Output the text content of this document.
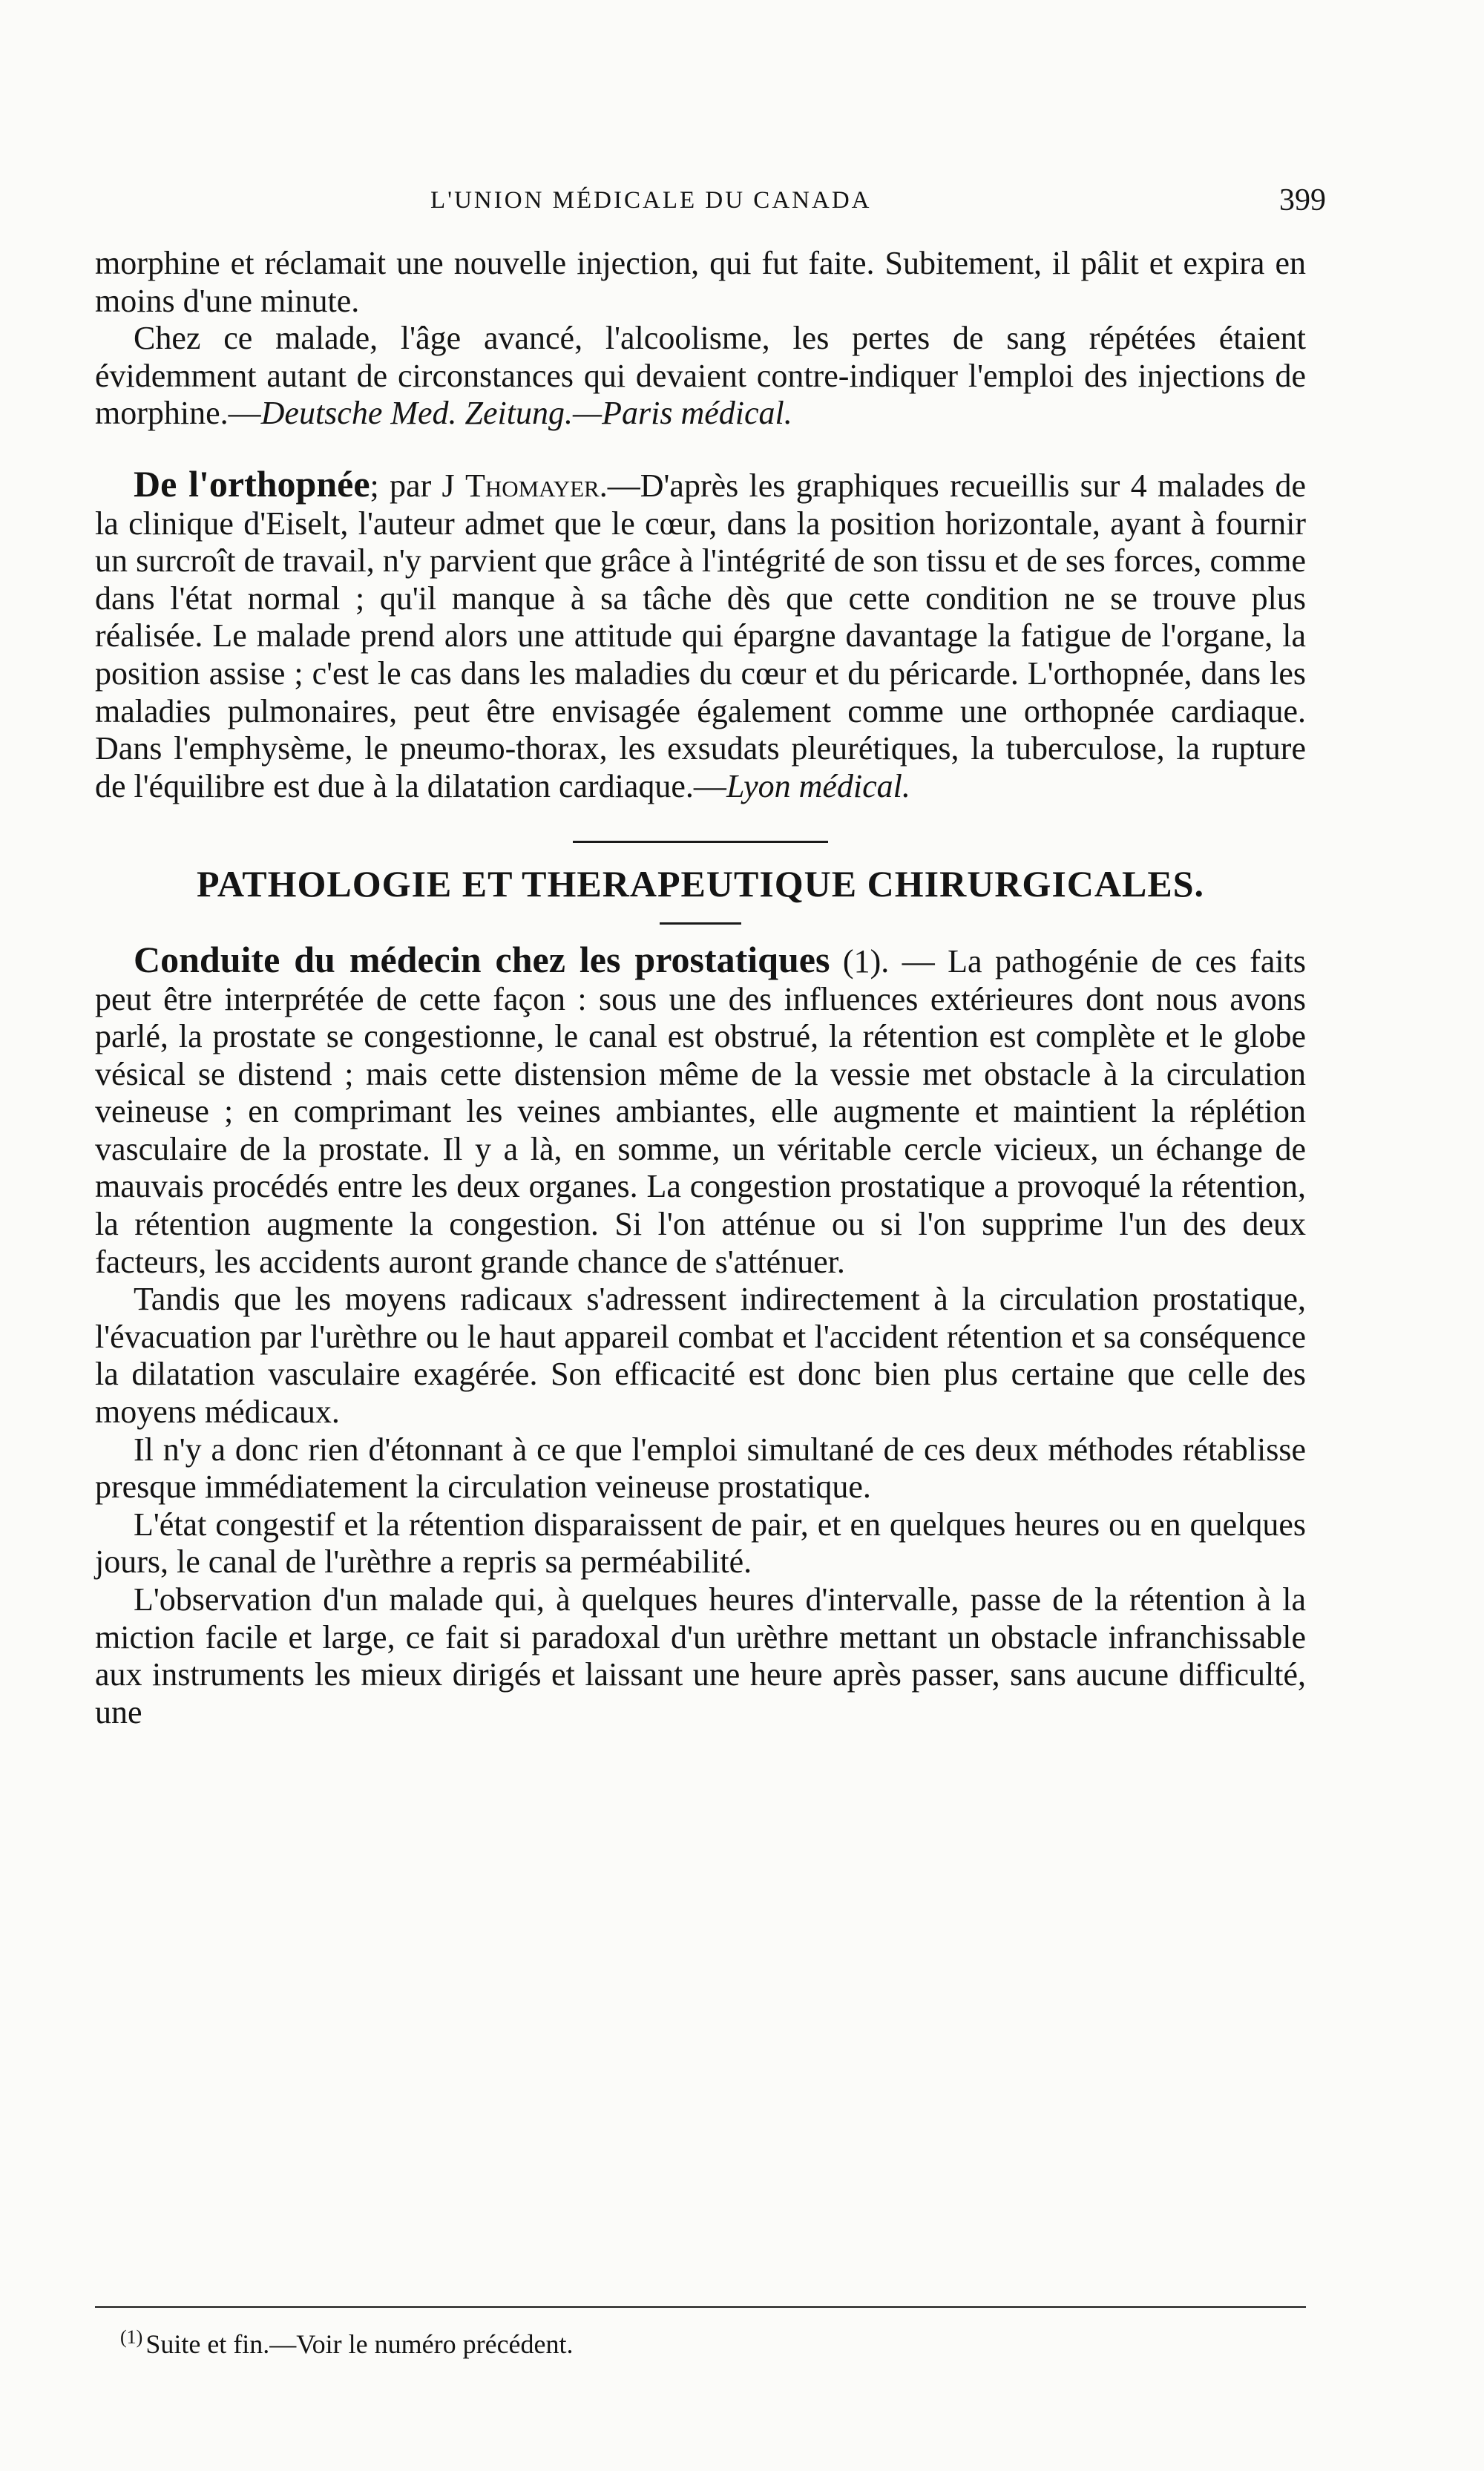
L'UNION MÉDICALE DU CANADA	399

morphine et réclamait une nouvelle injection, qui fut faite. Subitement, il pâlit et expira en moins d'une minute.

Chez ce malade, l'âge avancé, l'alcoolisme, les pertes de sang répétées étaient évidemment autant de circonstances qui devaient contre-indiquer l'emploi des injections de morphine.—Deutsche Med. Zeitung.—Paris médical.

De l'orthopnée; par J Thomayer.—D'après les graphiques recueillis sur 4 malades de la clinique d'Eiselt, l'auteur admet que le cœur, dans la position horizontale, ayant à fournir un surcroît de travail, n'y parvient que grâce à l'intégrité de son tissu et de ses forces, comme dans l'état normal ; qu'il manque à sa tâche dès que cette condition ne se trouve plus réalisée. Le malade prend alors une attitude qui épargne davantage la fatigue de l'organe, la position assise ; c'est le cas dans les maladies du cœur et du péricarde. L'orthopnée, dans les maladies pulmonaires, peut être envisagée également comme une orthopnée cardiaque. Dans l'emphysème, le pneumo-thorax, les exsudats pleurétiques, la tuberculose, la rupture de l'équilibre est due à la dilatation cardiaque.—Lyon médical.

PATHOLOGIE ET THERAPEUTIQUE CHIRURGICALES.

Conduite du médecin chez les prostatiques (1). — La pathogénie de ces faits peut être interprétée de cette façon : sous une des influences extérieures dont nous avons parlé, la prostate se congestionne, le canal est obstrué, la rétention est complète et le globe vésical se distend ; mais cette distension même de la vessie met obstacle à la circulation veineuse ; en comprimant les veines ambiantes, elle augmente et maintient la réplétion vasculaire de la prostate. Il y a là, en somme, un véritable cercle vicieux, un échange de mauvais procédés entre les deux organes. La congestion prostatique a provoqué la rétention, la rétention augmente la congestion. Si l'on atténue ou si l'on supprime l'un des deux facteurs, les accidents auront grande chance de s'atténuer.

Tandis que les moyens radicaux s'adressent indirectement à la circulation prostatique, l'évacuation par l'urèthre ou le haut appareil combat et l'accident rétention et sa conséquence la dilatation vasculaire exagérée. Son efficacité est donc bien plus certaine que celle des moyens médicaux.

Il n'y a donc rien d'étonnant à ce que l'emploi simultané de ces deux méthodes rétablisse presque immédiatement la circulation veineuse prostatique.

L'état congestif et la rétention disparaissent de pair, et en quelques heures ou en quelques jours, le canal de l'urèthre a repris sa perméabilité.

L'observation d'un malade qui, à quelques heures d'intervalle, passe de la rétention à la miction facile et large, ce fait si paradoxal d'un urèthre mettant un obstacle infranchissable aux instruments les mieux dirigés et laissant une heure après passer, sans aucune difficulté, une

$^{(1)}$ Suite et fin.—Voir le numéro précédent.
